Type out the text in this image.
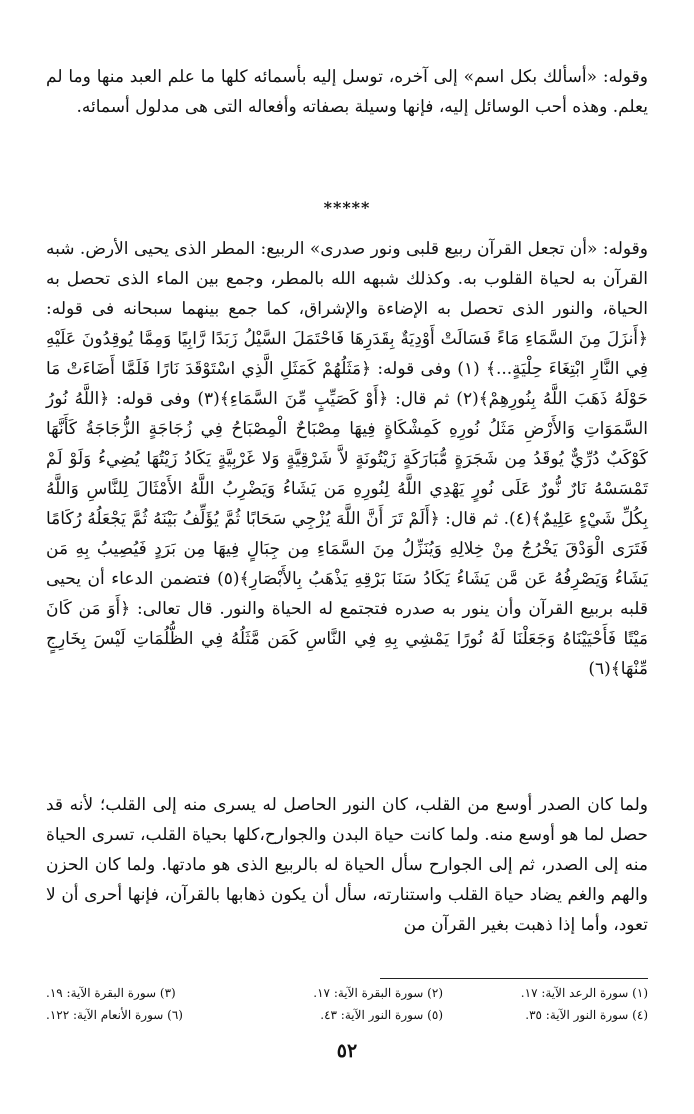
وقوله: «أسألك بكل اسم» إلى آخره، توسل إليه بأسمائه كلها ما علم العبد منها وما لم يعلم. وهذه أحب الوسائل إليه، فإنها وسيلة بصفاته وأفعاله التى هى مدلول أسمائه.

*****

وقوله: «أن تجعل القرآن ربيع قلبى ونور صدرى» الربيع: المطر الذى يحيى الأرض. شبه القرآن به لحياة القلوب به. وكذلك شبهه الله بالمطر، وجمع بين الماء الذى تحصل به الحياة، والنور الذى تحصل به الإضاءة والإشراق، كما جمع بينهما سبحانه فى قوله: ﴿أَنزَلَ مِنَ السَّمَاءِ مَاءً فَسَالَتْ أَوْدِيَةٌ بِقَدَرِهَا فَاحْتَمَلَ السَّيْلُ زَبَدًا رَّابِيًا وَمِمَّا يُوقِدُونَ عَلَيْهِ فِي النَّارِ ابْتِغَاءَ حِلْيَةٍ...﴾ (١) وفى قوله: ﴿مَثَلُهُمْ كَمَثَلِ الَّذِي اسْتَوْقَدَ نَارًا فَلَمَّا أَضَاءَتْ مَا حَوْلَهُ ذَهَبَ اللَّهُ بِنُورِهِمْ﴾(٢) ثم قال: ﴿أَوْ كَصَيِّبٍ مِّنَ السَّمَاءِ﴾(٣) وفى قوله: ﴿اللَّهُ نُورُ السَّمَوَاتِ وَالأَرْضِ مَثَلُ نُورِهِ كَمِشْكَاةٍ فِيهَا مِصْبَاحٌ الْمِصْبَاحُ فِي زُجَاجَةٍ الزُّجَاجَةُ كَأَنَّهَا كَوْكَبٌ دُرِّيٌّ يُوقَدُ مِن شَجَرَةٍ مُّبَارَكَةٍ زَيْتُونَةٍ لاَّ شَرْقِيَّةٍ وَلا غَرْبِيَّةٍ يَكَادُ زَيْتُهَا يُضِيءُ وَلَوْ لَمْ تَمْسَسْهُ نَارٌ نُّورٌ عَلَى نُورٍ يَهْدِي اللَّهُ لِنُورِهِ مَن يَشَاءُ وَيَضْرِبُ اللَّهُ الأَمْثَالَ لِلنَّاسِ وَاللَّهُ بِكُلِّ شَيْءٍ عَلِيمٌ﴾(٤). ثم قال: ﴿أَلَمْ تَرَ أَنَّ اللَّهَ يُزْجِي سَحَابًا ثُمَّ يُؤَلِّفُ بَيْنَهُ ثُمَّ يَجْعَلُهُ رُكَامًا فَتَرَى الْوَدْقَ يَخْرُجُ مِنْ خِلالِهِ وَيُنَزِّلُ مِنَ السَّمَاءِ مِن جِبَالٍ فِيهَا مِن بَرَدٍ فَيُصِيبُ بِهِ مَن يَشَاءُ وَيَصْرِفُهُ عَن مَّن يَشَاءُ يَكَادُ سَنَا بَرْقِهِ يَذْهَبُ بِالأَبْصَارِ﴾(٥) فتضمن الدعاء أن يحيى قلبه بربيع القرآن وأن ينور به صدره فتجتمع له الحياة والنور. قال تعالى: ﴿أَوَ مَن كَانَ مَيْتًا فَأَحْيَيْنَاهُ وَجَعَلْنَا لَهُ نُورًا يَمْشِي بِهِ فِي النَّاسِ كَمَن مَّثَلُهُ فِي الظُّلُمَاتِ لَيْسَ بِخَارِجٍ مِّنْهَا﴾(٦)

ولما كان الصدر أوسع من القلب، كان النور الحاصل له يسرى منه إلى القلب؛ لأنه قد حصل لما هو أوسع منه. ولما كانت حياة البدن والجوارح،كلها بحياة القلب، تسرى الحياة منه إلى الصدر، ثم إلى الجوارح سأل الحياة له بالربيع الذى هو مادتها. ولما كان الحزن والهم والغم يضاد حياة القلب واستنارته، سأل أن يكون ذهابها بالقرآن، فإنها أحرى أن لا تعود، وأما إذا ذهبت بغير القرآن من

(١) سورة الرعد الآية: ١٧.
(٢) سورة البقرة الآية: ١٧.
(٣) سورة البقرة الآية: ١٩.
(٤) سورة النور الآية: ٣٥.
(٥) سورة النور الآية: ٤٣.
(٦) سورة الأنعام الآية: ١٢٢.
٥٢
